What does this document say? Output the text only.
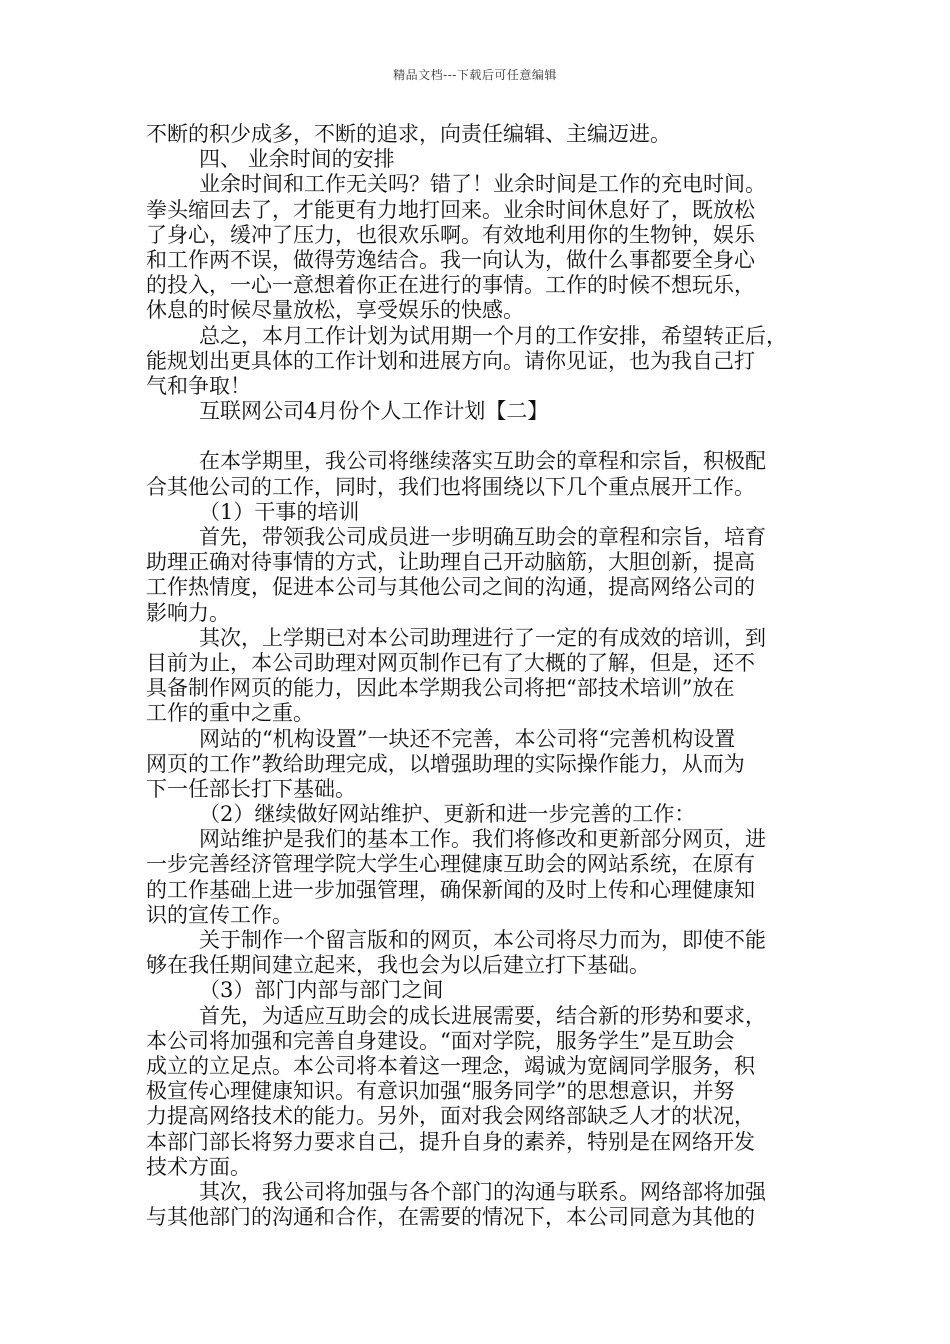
精品文档---下载后可任意编辑
不断的积少成多，不断的追求，向责任编辑、主编迈进。
四、 业余时间的安排
业余时间和工作无关吗？错了！业余时间是工作的充电时间。
拳头缩回去了，才能更有力地打回来。业余时间休息好了，既放松
了身心，缓冲了压力，也很欢乐啊。有效地利用你的生物钟，娱乐
和工作两不误，做得劳逸结合。我一向认为，做什么事都要全身心
的投入，一心一意想着你正在进行的事情。工作的时候不想玩乐，
休息的时候尽量放松，享受娱乐的快感。
总之，本月工作计划为试用期一个月的工作安排，希望转正后，
能规划出更具体的工作计划和进展方向。请你见证，也为我自己打
气和争取！
互联网公司4月份个人工作计划【二】
在本学期里，我公司将继续落实互助会的章程和宗旨，积极配
合其他公司的工作，同时，我们也将围绕以下几个重点展开工作。
（1）干事的培训
首先，带领我公司成员进一步明确互助会的章程和宗旨，培育
助理正确对待事情的方式，让助理自己开动脑筋，大胆创新，提高
工作热情度，促进本公司与其他公司之间的沟通，提高网络公司的
影响力。
其次，上学期已对本公司助理进行了一定的有成效的培训，到
目前为止，本公司助理对网页制作已有了大概的了解，但是，还不
具备制作网页的能力，因此本学期我公司将把“部技术培训”放在
工作的重中之重。
网站的“机构设置”一块还不完善，本公司将“完善机构设置
网页的工作”教给助理完成，以增强助理的实际操作能力，从而为
下一任部长打下基础。
（2）继续做好网站维护、更新和进一步完善的工作：
网站维护是我们的基本工作。我们将修改和更新部分网页，进
一步完善经济管理学院大学生心理健康互助会的网站系统，在原有
的工作基础上进一步加强管理，确保新闻的及时上传和心理健康知
识的宣传工作。
关于制作一个留言版和的网页，本公司将尽力而为，即使不能
够在我任期间建立起来，我也会为以后建立打下基础。
（3）部门内部与部门之间
首先，为适应互助会的成长进展需要，结合新的形势和要求，
本公司将加强和完善自身建设。“面对学院，服务学生”是互助会
成立的立足点。本公司将本着这一理念，竭诚为宽阔同学服务，积
极宣传心理健康知识。有意识加强“服务同学”的思想意识，并努
力提高网络技术的能力。另外，面对我会网络部缺乏人才的状况，
本部门部长将努力要求自己，提升自身的素养，特别是在网络开发
技术方面。
其次，我公司将加强与各个部门的沟通与联系。网络部将加强
与其他部门的沟通和合作，在需要的情况下，本公司同意为其他的
